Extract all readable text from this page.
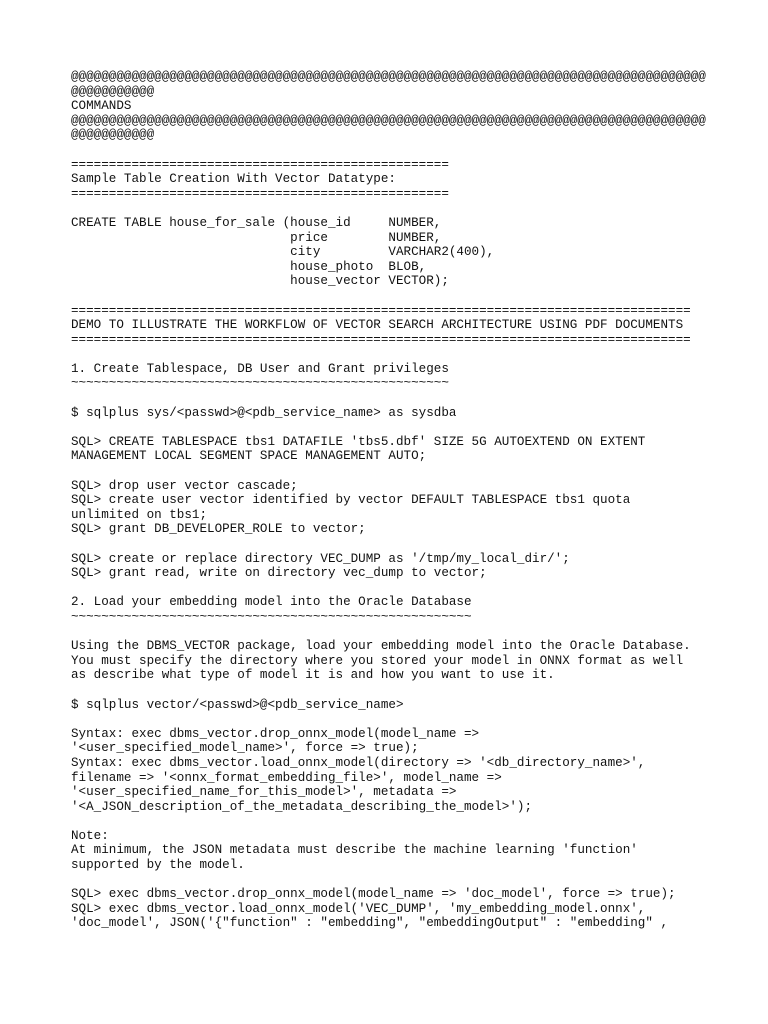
@@@@@@@@@@@@@@@@@@@@@@@@@@@@@@@@@@@@@@@@@@@@@@@@@@@@@@@@@@@@@@@@@@@@@@@@@@@@@@@@@@@@
@@@@@@@@@@@
COMMANDS
@@@@@@@@@@@@@@@@@@@@@@@@@@@@@@@@@@@@@@@@@@@@@@@@@@@@@@@@@@@@@@@@@@@@@@@@@@@@@@@@@@@@
@@@@@@@@@@@
==================================================
Sample Table Creation With Vector Datatype:
==================================================
CREATE TABLE house_for_sale (house_id     NUMBER,
price        NUMBER,
city         VARCHAR2(400),
house_photo  BLOB,
house_vector VECTOR);
==================================================================================
DEMO TO ILLUSTRATE THE WORKFLOW OF VECTOR SEARCH ARCHITECTURE USING PDF DOCUMENTS
==================================================================================
1. Create Tablespace, DB User and Grant privileges
~~~~~~~~~~~~~~~~~~~~~~~~~~~~~~~~~~~~~~~~~~~~~~~~~~
$ sqlplus sys/<passwd>@<pdb_service_name> as sysdba
SQL> CREATE TABLESPACE tbs1 DATAFILE 'tbs5.dbf' SIZE 5G AUTOEXTEND ON EXTENT
MANAGEMENT LOCAL SEGMENT SPACE MANAGEMENT AUTO;
SQL> drop user vector cascade;
SQL> create user vector identified by vector DEFAULT TABLESPACE tbs1 quota
unlimited on tbs1;
SQL> grant DB_DEVELOPER_ROLE to vector;
SQL> create or replace directory VEC_DUMP as '/tmp/my_local_dir/';
SQL> grant read, write on directory vec_dump to vector;
2. Load your embedding model into the Oracle Database
~~~~~~~~~~~~~~~~~~~~~~~~~~~~~~~~~~~~~~~~~~~~~~~~~~~~~
Using the DBMS_VECTOR package, load your embedding model into the Oracle Database.
You must specify the directory where you stored your model in ONNX format as well
as describe what type of model it is and how you want to use it.
$ sqlplus vector/<passwd>@<pdb_service_name>
Syntax: exec dbms_vector.drop_onnx_model(model_name =>
'<user_specified_model_name>', force => true);
Syntax: exec dbms_vector.load_onnx_model(directory => '<db_directory_name>',
filename => '<onnx_format_embedding_file>', model_name =>
'<user_specified_name_for_this_model>', metadata =>
'<A_JSON_description_of_the_metadata_describing_the_model>');
Note:
At minimum, the JSON metadata must describe the machine learning 'function'
supported by the model.
SQL> exec dbms_vector.drop_onnx_model(model_name => 'doc_model', force => true);
SQL> exec dbms_vector.load_onnx_model('VEC_DUMP', 'my_embedding_model.onnx',
'doc_model', JSON('{"function" : "embedding", "embeddingOutput" : "embedding" ,
